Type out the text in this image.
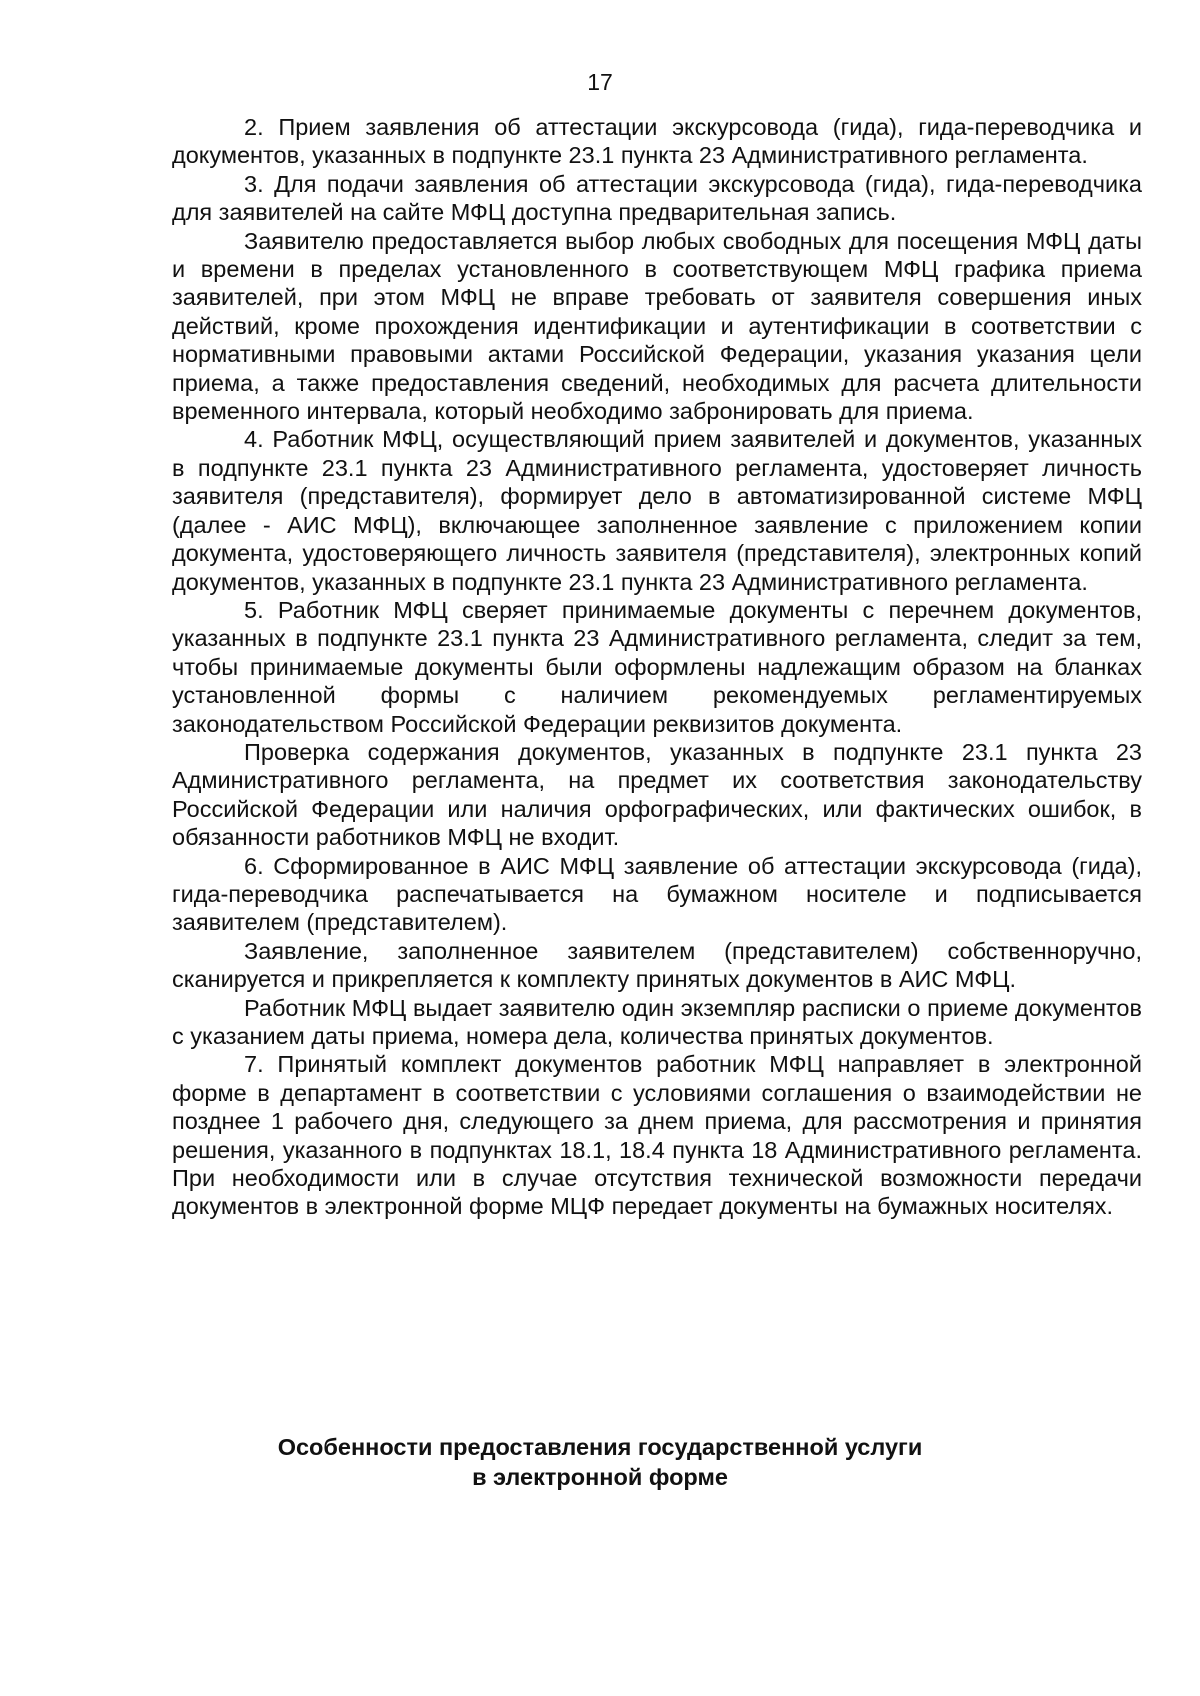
17

2. Прием заявления об аттестации экскурсовода (гида), гида-переводчика и документов, указанных в подпункте 23.1 пункта 23 Административного регламента.

3. Для подачи заявления об аттестации экскурсовода (гида), гида-переводчика для заявителей на сайте МФЦ доступна предварительная запись.

Заявителю предоставляется выбор любых свободных для посещения МФЦ даты и времени в пределах установленного в соответствующем МФЦ графика приема заявителей, при этом МФЦ не вправе требовать от заявителя совершения иных действий, кроме прохождения идентификации и аутентификации в соответствии с нормативными правовыми актами Российской Федерации, указания указания цели приема, а также предоставления сведений, необходимых для расчета длительности временного интервала, который необходимо забронировать для приема.

4. Работник МФЦ, осуществляющий прием заявителей и документов, указанных в подпункте 23.1 пункта 23 Административного регламента, удостоверяет личность заявителя (представителя), формирует дело в автоматизированной системе МФЦ (далее - АИС МФЦ), включающее заполненное заявление с приложением копии документа, удостоверяющего личность заявителя (представителя), электронных копий документов, указанных в подпункте 23.1 пункта 23 Административного регламента.

5. Работник МФЦ сверяет принимаемые документы с перечнем документов, указанных в подпункте 23.1 пункта 23 Административного регламента, следит за тем, чтобы принимаемые документы были оформлены надлежащим образом на бланках установленной формы с наличием рекомендуемых регламентируемых законодательством Российской Федерации реквизитов документа.

Проверка содержания документов, указанных в подпункте 23.1 пункта 23 Административного регламента, на предмет их соответствия законодательству Российской Федерации или наличия орфографических, или фактических ошибок, в обязанности работников МФЦ не входит.

6. Сформированное в АИС МФЦ заявление об аттестации экскурсовода (гида), гида-переводчика распечатывается на бумажном носителе и подписывается заявителем (представителем).

Заявление, заполненное заявителем (представителем) собственноручно, сканируется и прикрепляется к комплекту принятых документов в АИС МФЦ.

Работник МФЦ выдает заявителю один экземпляр расписки о приеме документов с указанием даты приема, номера дела, количества принятых документов.

7. Принятый комплект документов работник МФЦ направляет в электронной форме в департамент в соответствии с условиями соглашения о взаимодействии не позднее 1 рабочего дня, следующего за днем приема, для рассмотрения и принятия решения, указанного в подпунктах 18.1, 18.4 пункта 18 Административного регламента. При необходимости или в случае отсутствия технической возможности передачи документов в электронной форме МЦФ передает документы на бумажных носителях.

Особенности предоставления государственной услуги
в электронной форме
